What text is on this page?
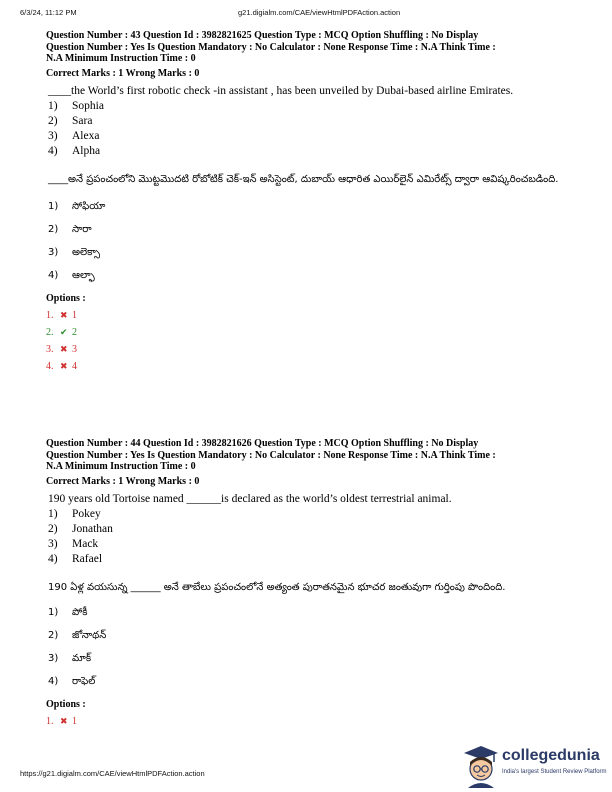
6/3/24, 11:12 PM	g21.digialm.com/CAE/viewHtmlPDFAction.action
Question Number : 43 Question Id : 3982821625 Question Type : MCQ Option Shuffling : No Display
Question Number : Yes Is Question Mandatory : No Calculator : None Response Time : N.A Think Time :
N.A Minimum Instruction Time : 0
Correct Marks : 1 Wrong Marks : 0

____the World’s first robotic check -in assistant , has been unveiled by Dubai-based airline Emirates.

1)	Sophia
2)	Sara
3)	Alexa
4)	Alpha
____అనే ప్రపంచంలోని మొట్టమొదటి రోబోటిక్ చెక్-ఇన్ అసిస్టెంట్, దుబాయ్ ఆధారిత ఎయిర్‌లైన్ ఎమిరేట్స్ ద్వారా ఆవిష్కరించబడింది.
1)	సోఫియా
2)	సారా
3)	అలెక్సా
4)	ఆల్ఫా
Options :
1. ✖ 1
2. ✔ 2
3. ✖ 3
4. ✖ 4
Question Number : 44 Question Id : 3982821626 Question Type : MCQ Option Shuffling : No Display
Question Number : Yes Is Question Mandatory : No Calculator : None Response Time : N.A Think Time :
N.A Minimum Instruction Time : 0
Correct Marks : 1 Wrong Marks : 0

190 years old Tortoise named ______is declared as the world’s oldest terrestrial animal.

1)	Pokey
2)	Jonathan
3)	Mack
4)	Rafael
190 ఏళ్ల వయసున్న ______ అనే తాబేలు ప్రపంచంలోనే అత్యంత పురాతనమైన భూచర జంతువుగా గుర్తింపు పొందింది.
1)	పోకీ
2)	జోనాథన్
3)	మాక్
4)	రాఫెల్
Options :
1. ✖ 1
https://g21.digialm.com/CAE/viewHtmlPDFAction.action
collegedunia
India's largest Student Review Platform
